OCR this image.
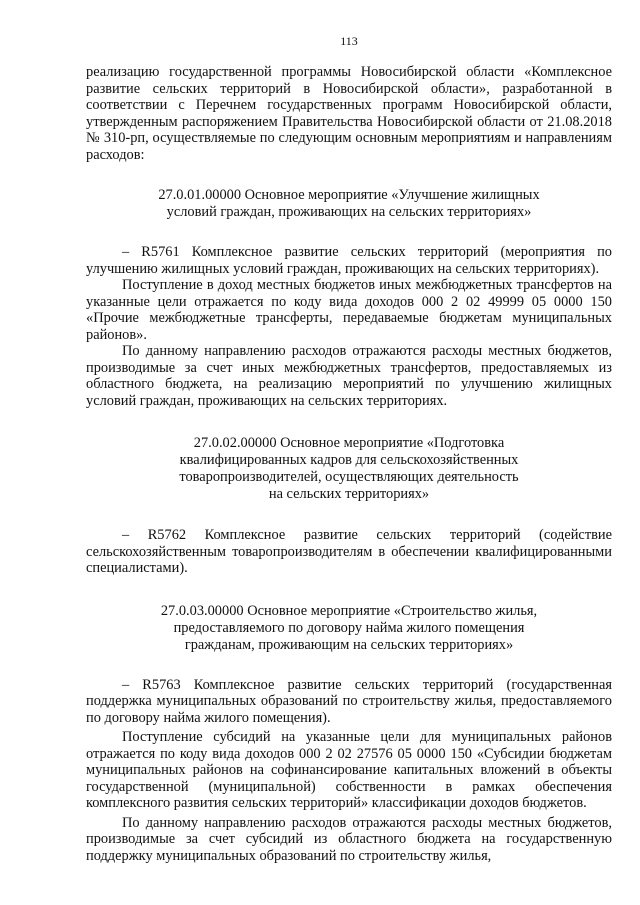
113

реализацию государственной программы Новосибирской области «Комплексное развитие сельских территорий в Новосибирской области», разработанной в соответствии с Перечнем государственных программ Новосибирской области, утвержденным распоряжением Правительства Новосибирской области от 21.08.2018 № 310-рп, осуществляемые по следующим основным мероприятиям и направлениям расходов:

27.0.01.00000 Основное мероприятие «Улучшение жилищных
условий граждан, проживающих на сельских территориях»

– R5761 Комплексное развитие сельских территорий (мероприятия по улучшению жилищных условий граждан, проживающих на сельских территориях).

Поступление в доход местных бюджетов иных межбюджетных трансфертов на указанные цели отражается по коду вида доходов 000 2 02 49999 05 0000 150 «Прочие межбюджетные трансферты, передаваемые бюджетам муниципальных районов».

По данному направлению расходов отражаются расходы местных бюджетов, производимые за счет иных межбюджетных трансфертов, предоставляемых из областного бюджета, на реализацию мероприятий по улучшению жилищных условий граждан, проживающих на сельских территориях.

27.0.02.00000 Основное мероприятие «Подготовка
квалифицированных кадров для сельскохозяйственных
товаропроизводителей, осуществляющих деятельность
на сельских территориях»

– R5762 Комплексное развитие сельских территорий (содействие сельскохозяйственным товаропроизводителям в обеспечении квалифицированными специалистами).

27.0.03.00000 Основное мероприятие «Строительство жилья,
предоставляемого по договору найма жилого помещения
гражданам, проживающим на сельских территориях»

– R5763 Комплексное развитие сельских территорий (государственная поддержка муниципальных образований по строительству жилья, предоставляемого по договору найма жилого помещения).

Поступление субсидий на указанные цели для муниципальных районов отражается по коду вида доходов 000 2 02 27576 05 0000 150 «Субсидии бюджетам муниципальных районов на софинансирование капитальных вложений в объекты государственной (муниципальной) собственности в рамках обеспечения комплексного развития сельских территорий» классификации доходов бюджетов.

По данному направлению расходов отражаются расходы местных бюджетов, производимые за счет субсидий из областного бюджета на государственную поддержку муниципальных образований по строительству жилья,
